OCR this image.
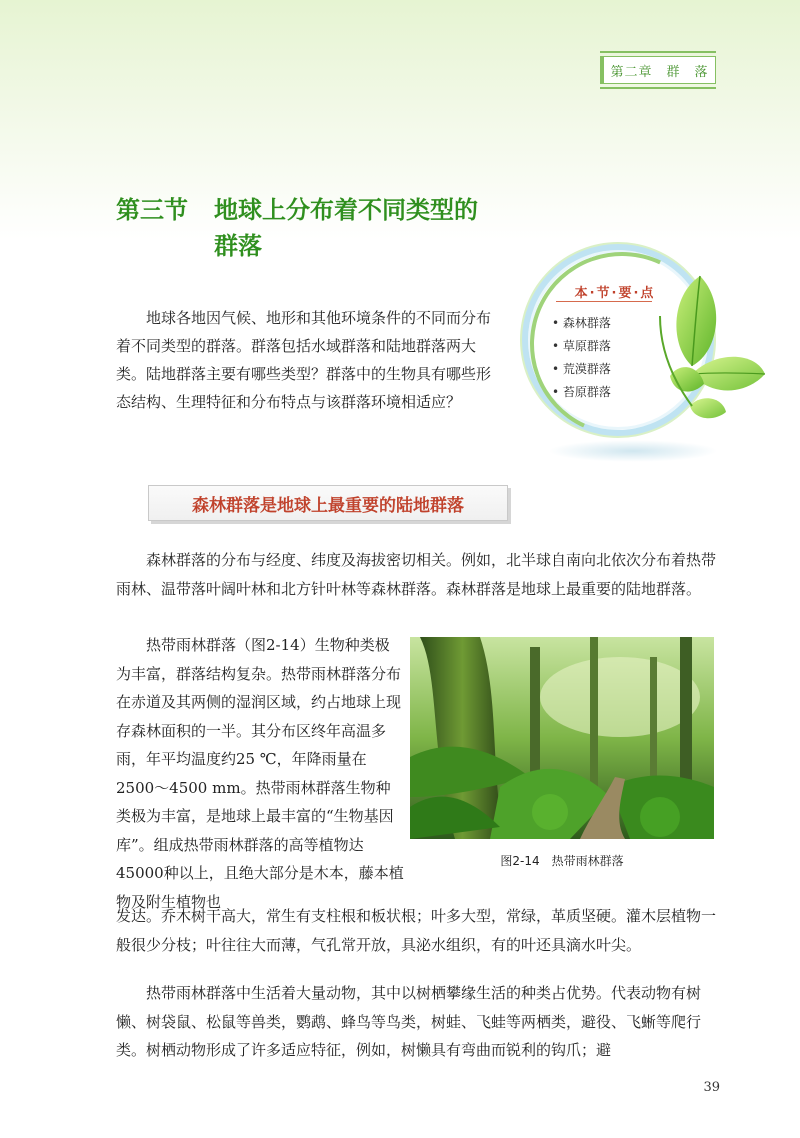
第二章　群　落
第三节 地球上分布着不同类型的
群落

地球各地因气候、地形和其他环境条件的不同而分布着不同类型的群落。群落包括水域群落和陆地群落两大类。陆地群落主要有哪些类型？群落中的生物具有哪些形态结构、生理特征和分布特点与该群落环境相适应？

本·节·要·点
• 森林群落
• 草原群落
• 荒漠群落
• 苔原群落
森林群落是地球上最重要的陆地群落

森林群落的分布与经度、纬度及海拔密切相关。例如，北半球自南向北依次分布着热带雨林、温带落叶阔叶林和北方针叶林等森林群落。森林群落是地球上最重要的陆地群落。

热带雨林群落（图2-14）生物种类极为丰富，群落结构复杂。热带雨林群落分布在赤道及其两侧的湿润区域，约占地球上现存森林面积的一半。其分布区终年高温多雨，年平均温度约25 ℃，年降雨量在2500～4500 mm。热带雨林群落生物种类极为丰富，是地球上最丰富的“生物基因库”。组成热带雨林群落的高等植物达45000种以上，且绝大部分是木本，藤本植物及附生植物也

图2-14　热带雨林群落

发达。乔木树干高大，常生有支柱根和板状根；叶多大型，常绿，革质坚硬。灌木层植物一般很少分枝；叶往往大而薄，气孔常开放，具泌水组织，有的叶还具滴水叶尖。

热带雨林群落中生活着大量动物，其中以树栖攀缘生活的种类占优势。代表动物有树懒、树袋鼠、松鼠等兽类，鹦鹉、蜂鸟等鸟类，树蛙、飞蛙等两栖类，避役、飞蜥等爬行类。树栖动物形成了许多适应特征，例如，树懒具有弯曲而锐利的钩爪；避

39
